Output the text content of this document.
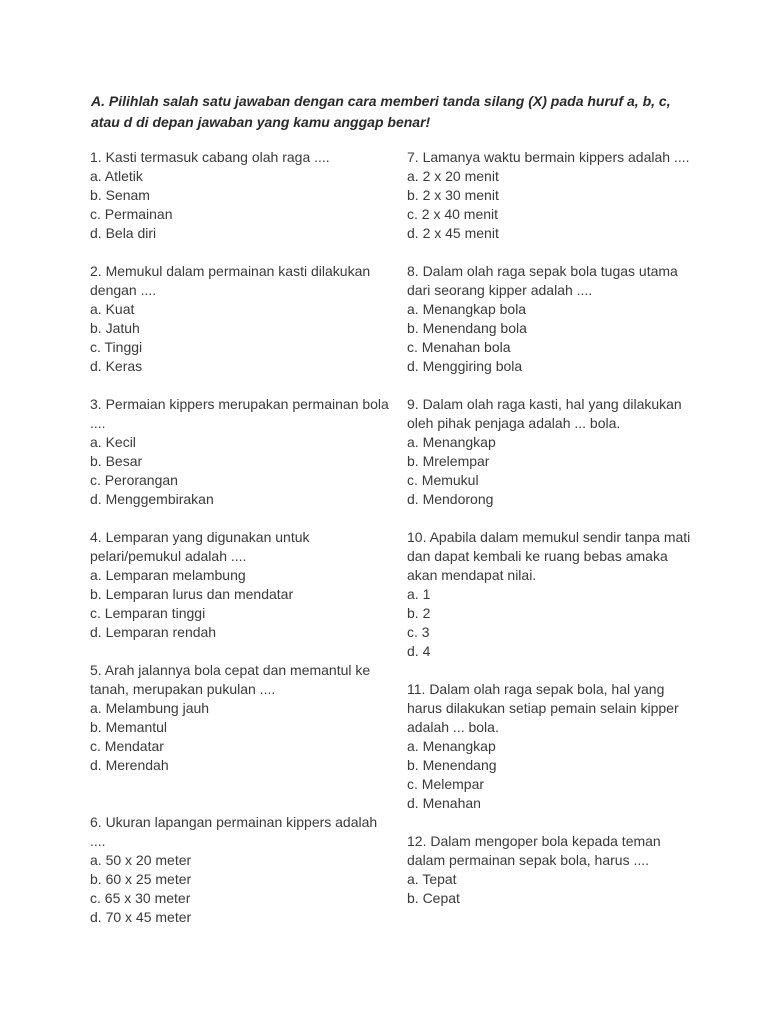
A. Pilihlah salah satu jawaban dengan cara memberi tanda silang (X) pada huruf a, b, c, atau d di depan jawaban yang kamu anggap benar!

1. Kasti termasuk cabang olah raga ....
a. Atletik
b. Senam
c. Permainan
d. Bela diri
2. Memukul dalam permainan kasti dilakukan dengan ....
a. Kuat
b. Jatuh
c. Tinggi
d. Keras
3. Permaian kippers merupakan permainan bola ....
a. Kecil
b. Besar
c. Perorangan
d. Menggembirakan
4. Lemparan yang digunakan untuk pelari/pemukul adalah ....
a. Lemparan melambung
b. Lemparan lurus dan mendatar
c. Lemparan tinggi
d. Lemparan rendah
5. Arah jalannya bola cepat dan memantul ke tanah, merupakan pukulan ....
a. Melambung jauh
b. Memantul
c. Mendatar
d. Merendah
6. Ukuran lapangan permainan kippers adalah ....
a. 50 x 20 meter
b. 60 x 25 meter
c. 65 x 30 meter
d. 70 x 45 meter
7. Lamanya waktu bermain kippers adalah ....
a. 2 x 20 menit
b. 2 x 30 menit
c. 2 x 40 menit
d. 2 x 45 menit
8. Dalam olah raga sepak bola tugas utama dari seorang kipper adalah ....
a. Menangkap bola
b. Menendang bola
c. Menahan bola
d. Menggiring bola
9. Dalam olah raga kasti, hal yang dilakukan oleh pihak penjaga adalah ... bola.
a. Menangkap
b. Mrelempar
c. Memukul
d. Mendorong
10. Apabila dalam memukul sendir tanpa mati dan dapat kembali ke ruang bebas amaka akan mendapat nilai.
a. 1
b. 2
c. 3
d. 4
11. Dalam olah raga sepak bola, hal yang harus dilakukan setiap pemain selain kipper adalah ... bola.
a. Menangkap
b. Menendang
c. Melempar
d. Menahan
12. Dalam mengoper bola kepada teman dalam permainan sepak bola, harus ....
a. Tepat
b. Cepat
